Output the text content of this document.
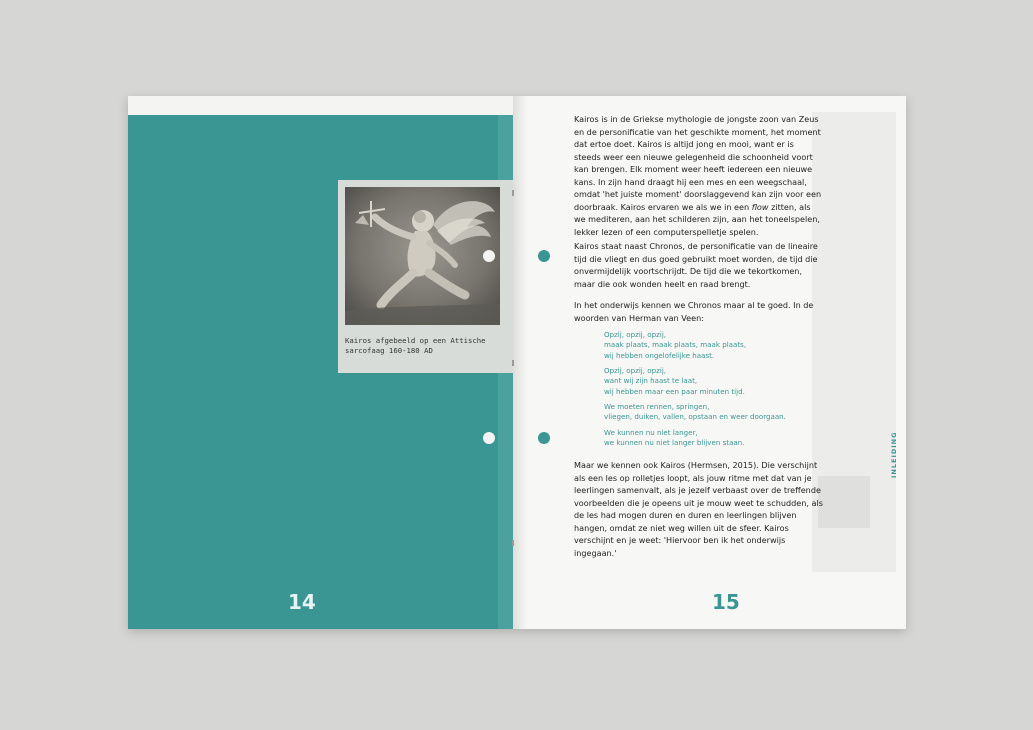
Kairos afgebeeld op een Attische sarcofaag 160-180 AD
14

Kairos is in de Griekse mythologie de jongste zoon van Zeus en de personificatie van het geschikte moment, het moment dat ertoe doet. Kairos is altijd jong en mooi, want er is steeds weer een nieuwe gelegenheid die schoonheid voort kan brengen. Elk moment weer heeft iedereen een nieuwe kans. In zijn hand draagt hij een mes en een weegschaal, omdat 'het juiste moment' doorslaggevend kan zijn voor een doorbraak. Kairos ervaren we als we in een flow zitten, als we mediteren, aan het schilderen zijn, aan het toneelspelen, lekker lezen of een computerspelletje spelen.

Kairos staat naast Chronos, de personificatie van de lineaire tijd die vliegt en dus goed gebruikt moet worden, de tijd die onvermijdelijk voortschrijdt. De tijd die we tekortkomen, maar die ook wonden heelt en raad brengt.

In het onderwijs kennen we Chronos maar al te goed. In de woorden van Herman van Veen:

Opzij, opzij, opzij,
maak plaats, maak plaats, maak plaats,
wij hebben ongelofelijke haast.
Opzij, opzij, opzij,
want wij zijn haast te laat,
wij hebben maar een paar minuten tijd.
We moeten rennen, springen,
vliegen, duiken, vallen, opstaan en weer doorgaan.
We kunnen nu niet langer,
we kunnen nu niet langer blijven staan.

Maar we kennen ook Kairos (Hermsen, 2015). Die verschijnt als een les op rolletjes loopt, als jouw ritme met dat van je leerlingen samenvalt, als je jezelf verbaast over de treffende voorbeelden die je opeens uit je mouw weet te schudden, als de les had mogen duren en duren en leerlingen blijven hangen, omdat ze niet weg willen uit de sfeer. Kairos verschijnt en je weet: 'Hiervoor ben ik het onderwijs ingegaan.'

INLEIDING
15
